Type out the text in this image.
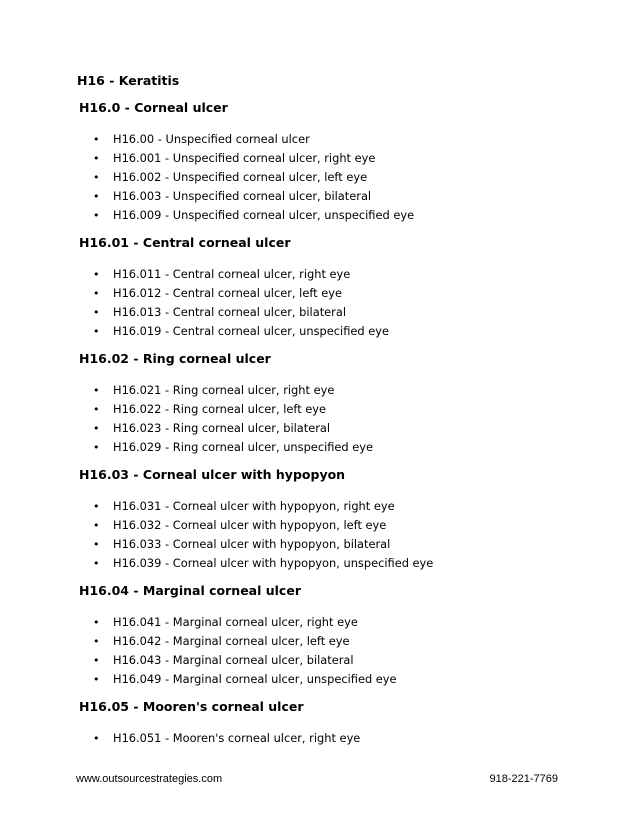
H16 - Keratitis
H16.0 - Corneal ulcer
• H16.00 - Unspecified corneal ulcer
• H16.001 - Unspecified corneal ulcer, right eye
• H16.002 - Unspecified corneal ulcer, left eye
• H16.003 - Unspecified corneal ulcer, bilateral
• H16.009 - Unspecified corneal ulcer, unspecified eye
H16.01 - Central corneal ulcer
• H16.011 - Central corneal ulcer, right eye
• H16.012 - Central corneal ulcer, left eye
• H16.013 - Central corneal ulcer, bilateral
• H16.019 - Central corneal ulcer, unspecified eye
H16.02 - Ring corneal ulcer
• H16.021 - Ring corneal ulcer, right eye
• H16.022 - Ring corneal ulcer, left eye
• H16.023 - Ring corneal ulcer, bilateral
• H16.029 - Ring corneal ulcer, unspecified eye
H16.03 - Corneal ulcer with hypopyon
• H16.031 - Corneal ulcer with hypopyon, right eye
• H16.032 - Corneal ulcer with hypopyon, left eye
• H16.033 - Corneal ulcer with hypopyon, bilateral
• H16.039 - Corneal ulcer with hypopyon, unspecified eye
H16.04 - Marginal corneal ulcer
• H16.041 - Marginal corneal ulcer, right eye
• H16.042 - Marginal corneal ulcer, left eye
• H16.043 - Marginal corneal ulcer, bilateral
• H16.049 - Marginal corneal ulcer, unspecified eye
H16.05 - Mooren's corneal ulcer
• H16.051 - Mooren's corneal ulcer, right eye
www.outsourcestrategies.com	918-221-7769
